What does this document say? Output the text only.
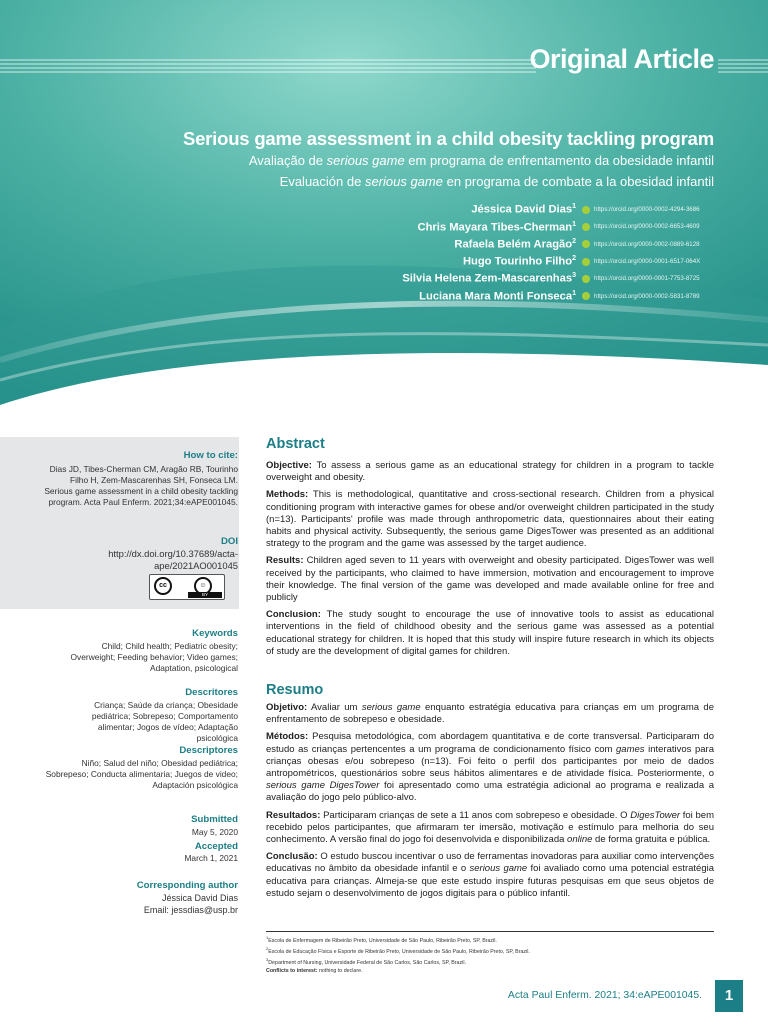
Original Article
Serious game assessment in a child obesity tackling program
Avaliação de serious game em programa de enfrentamento da obesidade infantil
Evaluación de serious game en programa de combate a la obesidad infantil
Jéssica David Dias$^1$	https://orcid.org/0000-0002-4294-3686
Chris Mayara Tibes-Cherman$^1$	https://orcid.org/0000-0002-6653-4609
Rafaela Belém Aragão$^2$	https://orcid.org/0000-0002-0889-6128
Hugo Tourinho Filho$^2$	https://orcid.org/0000-0001-6517-064X
Silvia Helena Zem-Mascarenhas$^3$	https://orcid.org/0000-0001-7753-8725
Luciana Mara Monti Fonseca$^1$	https://orcid.org/0000-0002-5831-8789
How to cite:
Dias JD, Tibes-Cherman CM, Aragão RB, Tourinho Filho H, Zem-Mascarenhas SH, Fonseca LM. Serious game assessment in a child obesity tackling program. Acta Paul Enferm. 2021;34:eAPE001045.
DOI
http://dx.doi.org/10.37689/acta-ape/2021AO001045
cc	☺
BY
Keywords
Child; Child health; Pediatric obesity; Overweight; Feeding behavior; Video games; Adaptation, psicological
Descritores
Criança; Saúde da criança; Obesidade pediátrica; Sobrepeso; Comportamento alimentar; Jogos de vídeo; Adaptação psicológica
Descriptores
Niño; Salud del niño; Obesidad pediátrica; Sobrepeso; Conducta alimentaria; Juegos de video; Adaptación psicológica
Submitted
May 5, 2020
Accepted
March 1, 2021
Corresponding author
Jéssica David Dias
Email: jessdias@usp.br
Abstract

Objective: To assess a serious game as an educational strategy for children in a program to tackle overweight and obesity.

Methods: This is methodological, quantitative and cross-sectional research. Children from a physical conditioning program with interactive games for obese and/or overweight children participated in the study (n=13). Participants' profile was made through anthropometric data, questionnaires about their eating habits and physical activity. Subsequently, the serious game DigesTower was presented as an additional strategy to the program and the game was assessed by the target audience.

Results: Children aged seven to 11 years with overweight and obesity participated. DigesTower was well received by the participants, who claimed to have immersion, motivation and encouragement to improve their knowledge. The final version of the game was developed and made available online for free and publicly

Conclusion: The study sought to encourage the use of innovative tools to assist as educational interventions in the field of childhood obesity and the serious game was assessed as a potential educational strategy for children. It is hoped that this study will inspire future research in which its objects of study are the development of digital games for children.

Resumo

Objetivo: Avaliar um serious game enquanto estratégia educativa para crianças em um programa de enfrentamento de sobrepeso e obesidade.

Métodos: Pesquisa metodológica, com abordagem quantitativa e de corte transversal. Participaram do estudo as crianças pertencentes a um programa de condicionamento físico com games interativos para crianças obesas e/ou sobrepeso (n=13). Foi feito o perfil dos participantes por meio de dados antropométricos, questionários sobre seus hábitos alimentares e de atividade física. Posteriormente, o serious game DigesTower foi apresentado como uma estratégia adicional ao programa e realizada a avaliação do jogo pelo público-alvo.

Resultados: Participaram crianças de sete a 11 anos com sobrepeso e obesidade. O DigesTower foi bem recebido pelos participantes, que afirmaram ter imersão, motivação e estímulo para melhoria do seu conhecimento. A versão final do jogo foi desenvolvida e disponibilizada online de forma gratuita e pública.

Conclusão: O estudo buscou incentivar o uso de ferramentas inovadoras para auxiliar como intervenções educativas no âmbito da obesidade infantil e o serious game foi avaliado como uma potencial estratégia educativa para crianças. Almeja-se que este estudo inspire futuras pesquisas em que seus objetos de estudo sejam o desenvolvimento de jogos digitais para o público infantil.

$^1$Escola de Enfermagem de Ribeirão Preto, Universidade de São Paulo, Ribeirão Preto, SP, Brazil.
$^2$Escola de Educação Física e Esporte de Ribeirão Preto, Universidade de São Paulo, Ribeirão Preto, SP, Brazil.
$^3$Department of Nursing, Universidade Federal de São Carlos, São Carlos, SP, Brazil.
Conflicts to interest: nothing to declare.
Acta Paul Enferm. 2021; 34:eAPE001045.	1
